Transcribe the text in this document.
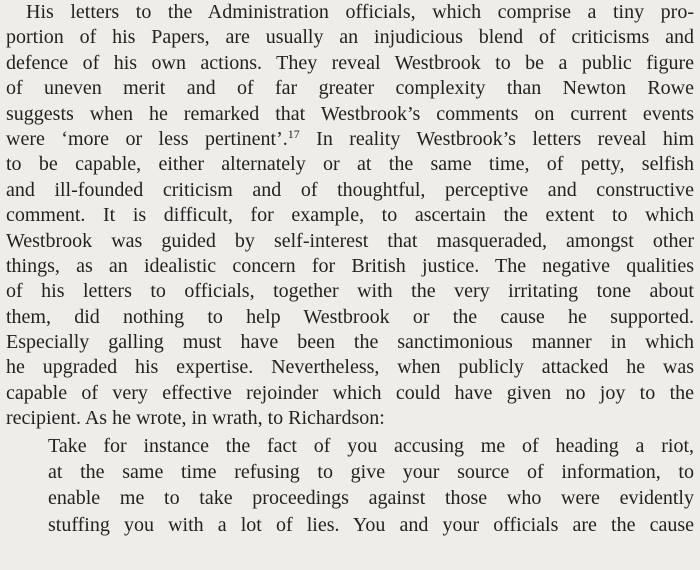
His letters to the Administration officials, which comprise a tiny pro-
portion of his Papers, are usually an injudicious blend of criticisms and
defence of his own actions. They reveal Westbrook to be a public figure
of uneven merit and of far greater complexity than Newton Rowe
suggests when he remarked that Westbrook’s comments on current events
were ‘more or less pertinent’.$^{17}$ In reality Westbrook’s letters reveal him
to be capable, either alternately or at the same time, of petty, selfish
and ill-founded criticism and of thoughtful, perceptive and constructive
comment. It is difficult, for example, to ascertain the extent to which
Westbrook was guided by self-interest that masqueraded, amongst other
things, as an idealistic concern for British justice. The negative qualities
of his letters to officials, together with the very irritating tone about
them, did nothing to help Westbrook or the cause he supported.
Especially galling must have been the sanctimonious manner in which
he upgraded his expertise. Nevertheless, when publicly attacked he was
capable of very effective rejoinder which could have given no joy to the
recipient. As he wrote, in wrath, to Richardson:
Take for instance the fact of you accusing me of heading a riot,
at the same time refusing to give your source of information, to
enable me to take proceedings against those who were evidently
stuffing you with a lot of lies. You and your officials are the cause
